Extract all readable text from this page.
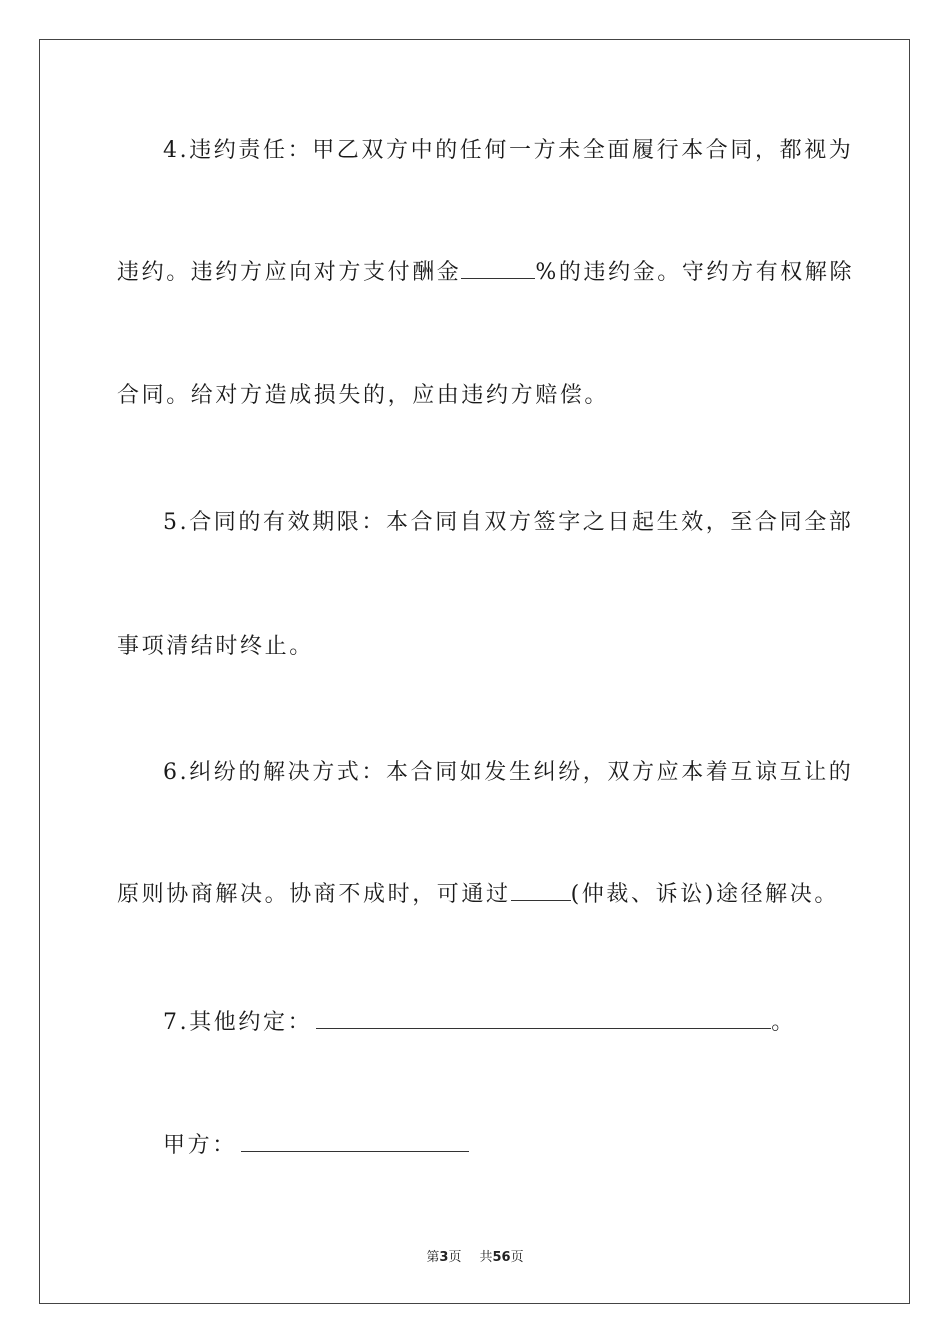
4.违约责任：甲乙双方中的任何一方未全面履行本合同，都视为
违约。违约方应向对方支付酬金	%的违约金。守约方有权解除
合同。给对方造成损失的，应由违约方赔偿。
5.合同的有效期限：本合同自双方签字之日起生效，至合同全部
事项清结时终止。
6.纠纷的解决方式：本合同如发生纠纷，双方应本着互谅互让的
原则协商解决。协商不成时，可通过	(仲裁、诉讼)途径解决。
7.其他约定：	。
甲方：
第3页 共56页
